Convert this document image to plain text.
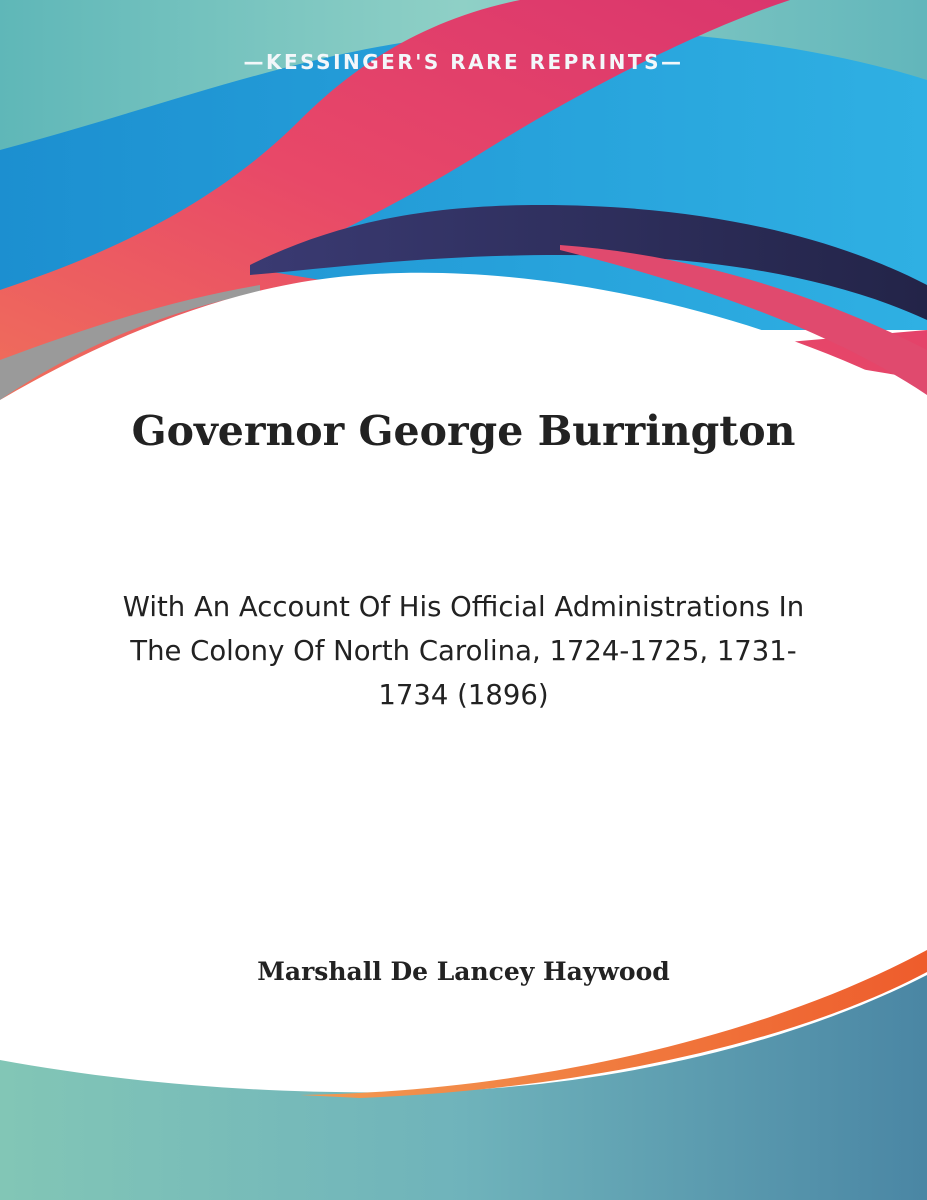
—KESSINGER'S RARE REPRINTS—
Governor George Burrington

With An Account Of His Official Administrations In The Colony Of North Carolina, 1724-1725, 1731-1734 (1896)

Marshall De Lancey Haywood
